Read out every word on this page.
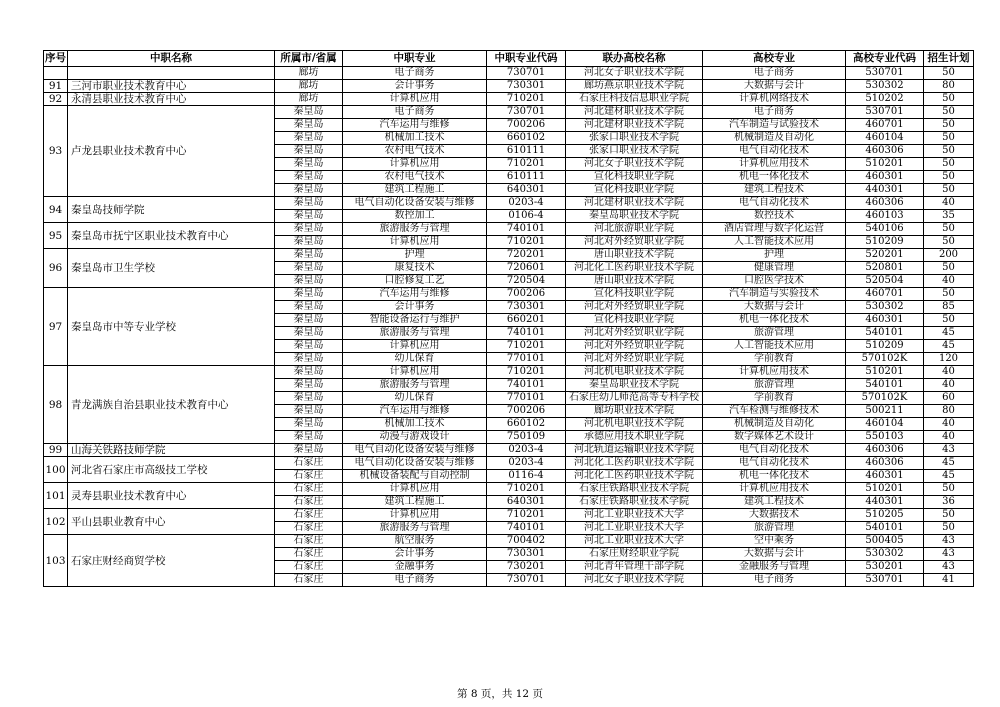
序号	中职名称	所属市/省属	中职专业	中职专业代码	联办高校名称	高校专业	高校专业代码	招生计划
		廊坊	电子商务	730701	河北女子职业技术学院	电子商务	530701	50
91	三河市职业技术教育中心	廊坊	会计事务	730301	廊坊燕京职业技术学院	大数据与会计	530302	80
92	永清县职业技术教育中心	廊坊	计算机应用	710201	石家庄科技信息职业学院	计算机网络技术	510202	50
93	卢龙县职业技术教育中心	秦皇岛	电子商务	730701	河北建材职业技术学院	电子商务	530701	50
		秦皇岛	汽车运用与维修	700206	河北建材职业技术学院	汽车制造与试验技术	460701	50
		秦皇岛	机械加工技术	660102	张家口职业技术学院	机械制造及自动化	460104	50
		秦皇岛	农村电气技术	610111	张家口职业技术学院	电气自动化技术	460306	50
		秦皇岛	计算机应用	710201	河北女子职业技术学院	计算机应用技术	510201	50
		秦皇岛	农村电气技术	610111	宣化科技职业学院	机电一体化技术	460301	50
		秦皇岛	建筑工程施工	640301	宣化科技职业学院	建筑工程技术	440301	50
94	秦皇岛技师学院	秦皇岛	电气自动化设备安装与维修	0203-4	河北建材职业技术学院	电气自动化技术	460306	40
		秦皇岛	数控加工	0106-4	秦皇岛职业技术学院	数控技术	460103	35
95	秦皇岛市抚宁区职业技术教育中心	秦皇岛	旅游服务与管理	740101	河北旅游职业学院	酒店管理与数字化运营	540106	50
		秦皇岛	计算机应用	710201	河北对外经贸职业学院	人工智能技术应用	510209	50
96	秦皇岛市卫生学校	秦皇岛	护理	720201	唐山职业技术学院	护理	520201	200
		秦皇岛	康复技术	720601	河北化工医药职业技术学院	健康管理	520801	50
		秦皇岛	口腔修复工艺	720504	唐山职业技术学院	口腔医学技术	520504	40
97	秦皇岛市中等专业学校	秦皇岛	汽车运用与维修	700206	宣化科技职业学院	汽车制造与实验技术	460701	50
		秦皇岛	会计事务	730301	河北对外经贸职业学院	大数据与会计	530302	85
		秦皇岛	智能设备运行与维护	660201	宣化科技职业学院	机电一体化技术	460301	50
		秦皇岛	旅游服务与管理	740101	河北对外经贸职业学院	旅游管理	540101	45
		秦皇岛	计算机应用	710201	河北对外经贸职业学院	人工智能技术应用	510209	45
		秦皇岛	幼儿保育	770101	河北对外经贸职业学院	学前教育	570102K	120
98	青龙满族自治县职业技术教育中心	秦皇岛	计算机应用	710201	河北机电职业技术学院	计算机应用技术	510201	40
		秦皇岛	旅游服务与管理	740101	秦皇岛职业技术学院	旅游管理	540101	40
		秦皇岛	幼儿保育	770101	石家庄幼儿师范高等专科学校	学前教育	570102K	60
		秦皇岛	汽车运用与维修	700206	廊坊职业技术学院	汽车检测与维修技术	500211	80
		秦皇岛	机械加工技术	660102	河北机电职业技术学院	机械制造及自动化	460104	40
		秦皇岛	动漫与游戏设计	750109	承德应用技术职业学院	数字媒体艺术设计	550103	40
99	山海关铁路技师学院	秦皇岛	电气自动化设备安装与维修	0203-4	河北轨道运输职业技术学院	电气自动化技术	460306	43
100	河北省石家庄市高级技工学校	石家庄	电气自动化设备安装与维修	0203-4	河北化工医药职业技术学院	电气自动化技术	460306	45
		石家庄	机械设备装配与自动控制	0116-4	河北化工医药职业技术学院	机电一体化技术	460301	45
101	灵寿县职业技术教育中心	石家庄	计算机应用	710201	石家庄铁路职业技术学院	计算机应用技术	510201	50
		石家庄	建筑工程施工	640301	石家庄铁路职业技术学院	建筑工程技术	440301	36
102	平山县职业教育中心	石家庄	计算机应用	710201	河北工业职业技术大学	大数据技术	510205	50
		石家庄	旅游服务与管理	740101	河北工业职业技术大学	旅游管理	540101	50
103	石家庄财经商贸学校	石家庄	航空服务	700402	河北工业职业技术大学	空中乘务	500405	43
		石家庄	会计事务	730301	石家庄财经职业学院	大数据与会计	530302	43
		石家庄	金融事务	730201	河北青年管理干部学院	金融服务与管理	530201	43
		石家庄	电子商务	730701	河北女子职业技术学院	电子商务	530701	41
第 8 页，共 12 页
